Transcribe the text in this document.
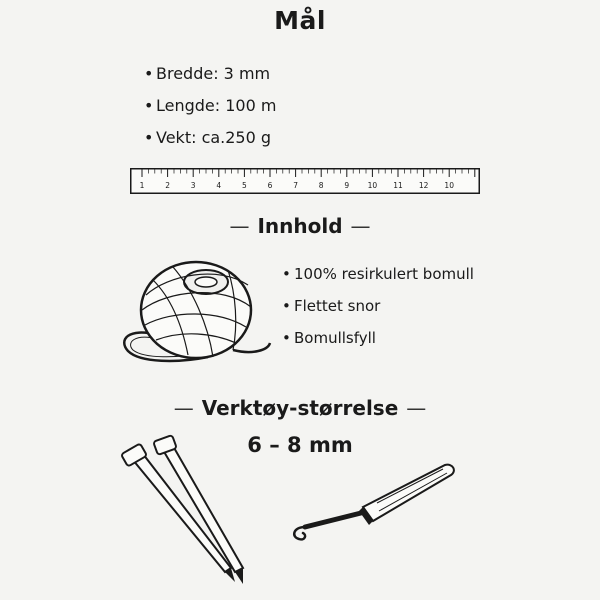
Mål
• Bredde: 3 mm
• Lengde: 100 m
• Vekt: ca.250 g
1	2	3	4	5	6	7	8	9 10 11 12 10
— Innhold —
• 100% resirkulert bomull
• Flettet snor
• Bomullsfyll
— Verktøy-størrelse —
6 – 8 mm
